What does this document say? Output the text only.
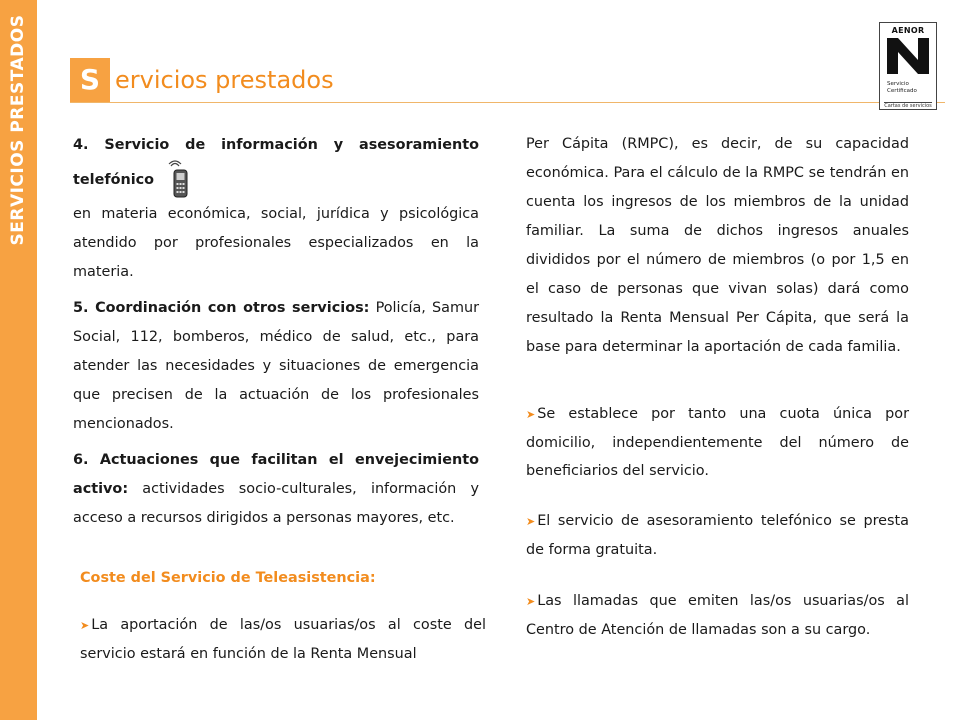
SERVICIOS PRESTADOS	S ervicios prestados
AENOR
Servicio
Certificado
Cartas de servicios

4. Servicio de información y asesoramiento telefónico

en materia económica, social, jurídica y psicológica atendido por profesionales especializados en la materia.

5. Coordinación con otros servicios: Policía, Samur Social, 112, bomberos, médico de salud, etc., para atender las necesidades y situaciones de emergencia que precisen de la actuación de los profesionales mencionados.

6. Actuaciones que facilitan el envejecimiento activo: actividades socio-culturales, información y acceso a recursos dirigidos a personas mayores, etc.

Coste del Servicio de Teleasistencia:
➤ La aportación de las/os usuarias/os al coste del servicio estará en función de la Renta Mensual

Per Cápita (RMPC), es decir, de su capacidad económica. Para el cálculo de la RMPC se tendrán en cuenta los ingresos de los miembros de la unidad familiar. La suma de dichos ingresos anuales divididos por el número de miembros (o por 1,5 en el caso de personas que vivan solas) dará como resultado la Renta Mensual Per Cápita, que será la base para determinar la aportación de cada familia.

➤ Se establece por tanto una cuota única por domicilio, independientemente del número de beneficiarios del servicio.
➤ El servicio de asesoramiento telefónico se presta de forma gratuita.
➤ Las llamadas que emiten las/os usuarias/os al Centro de Atención de llamadas son a su cargo.
